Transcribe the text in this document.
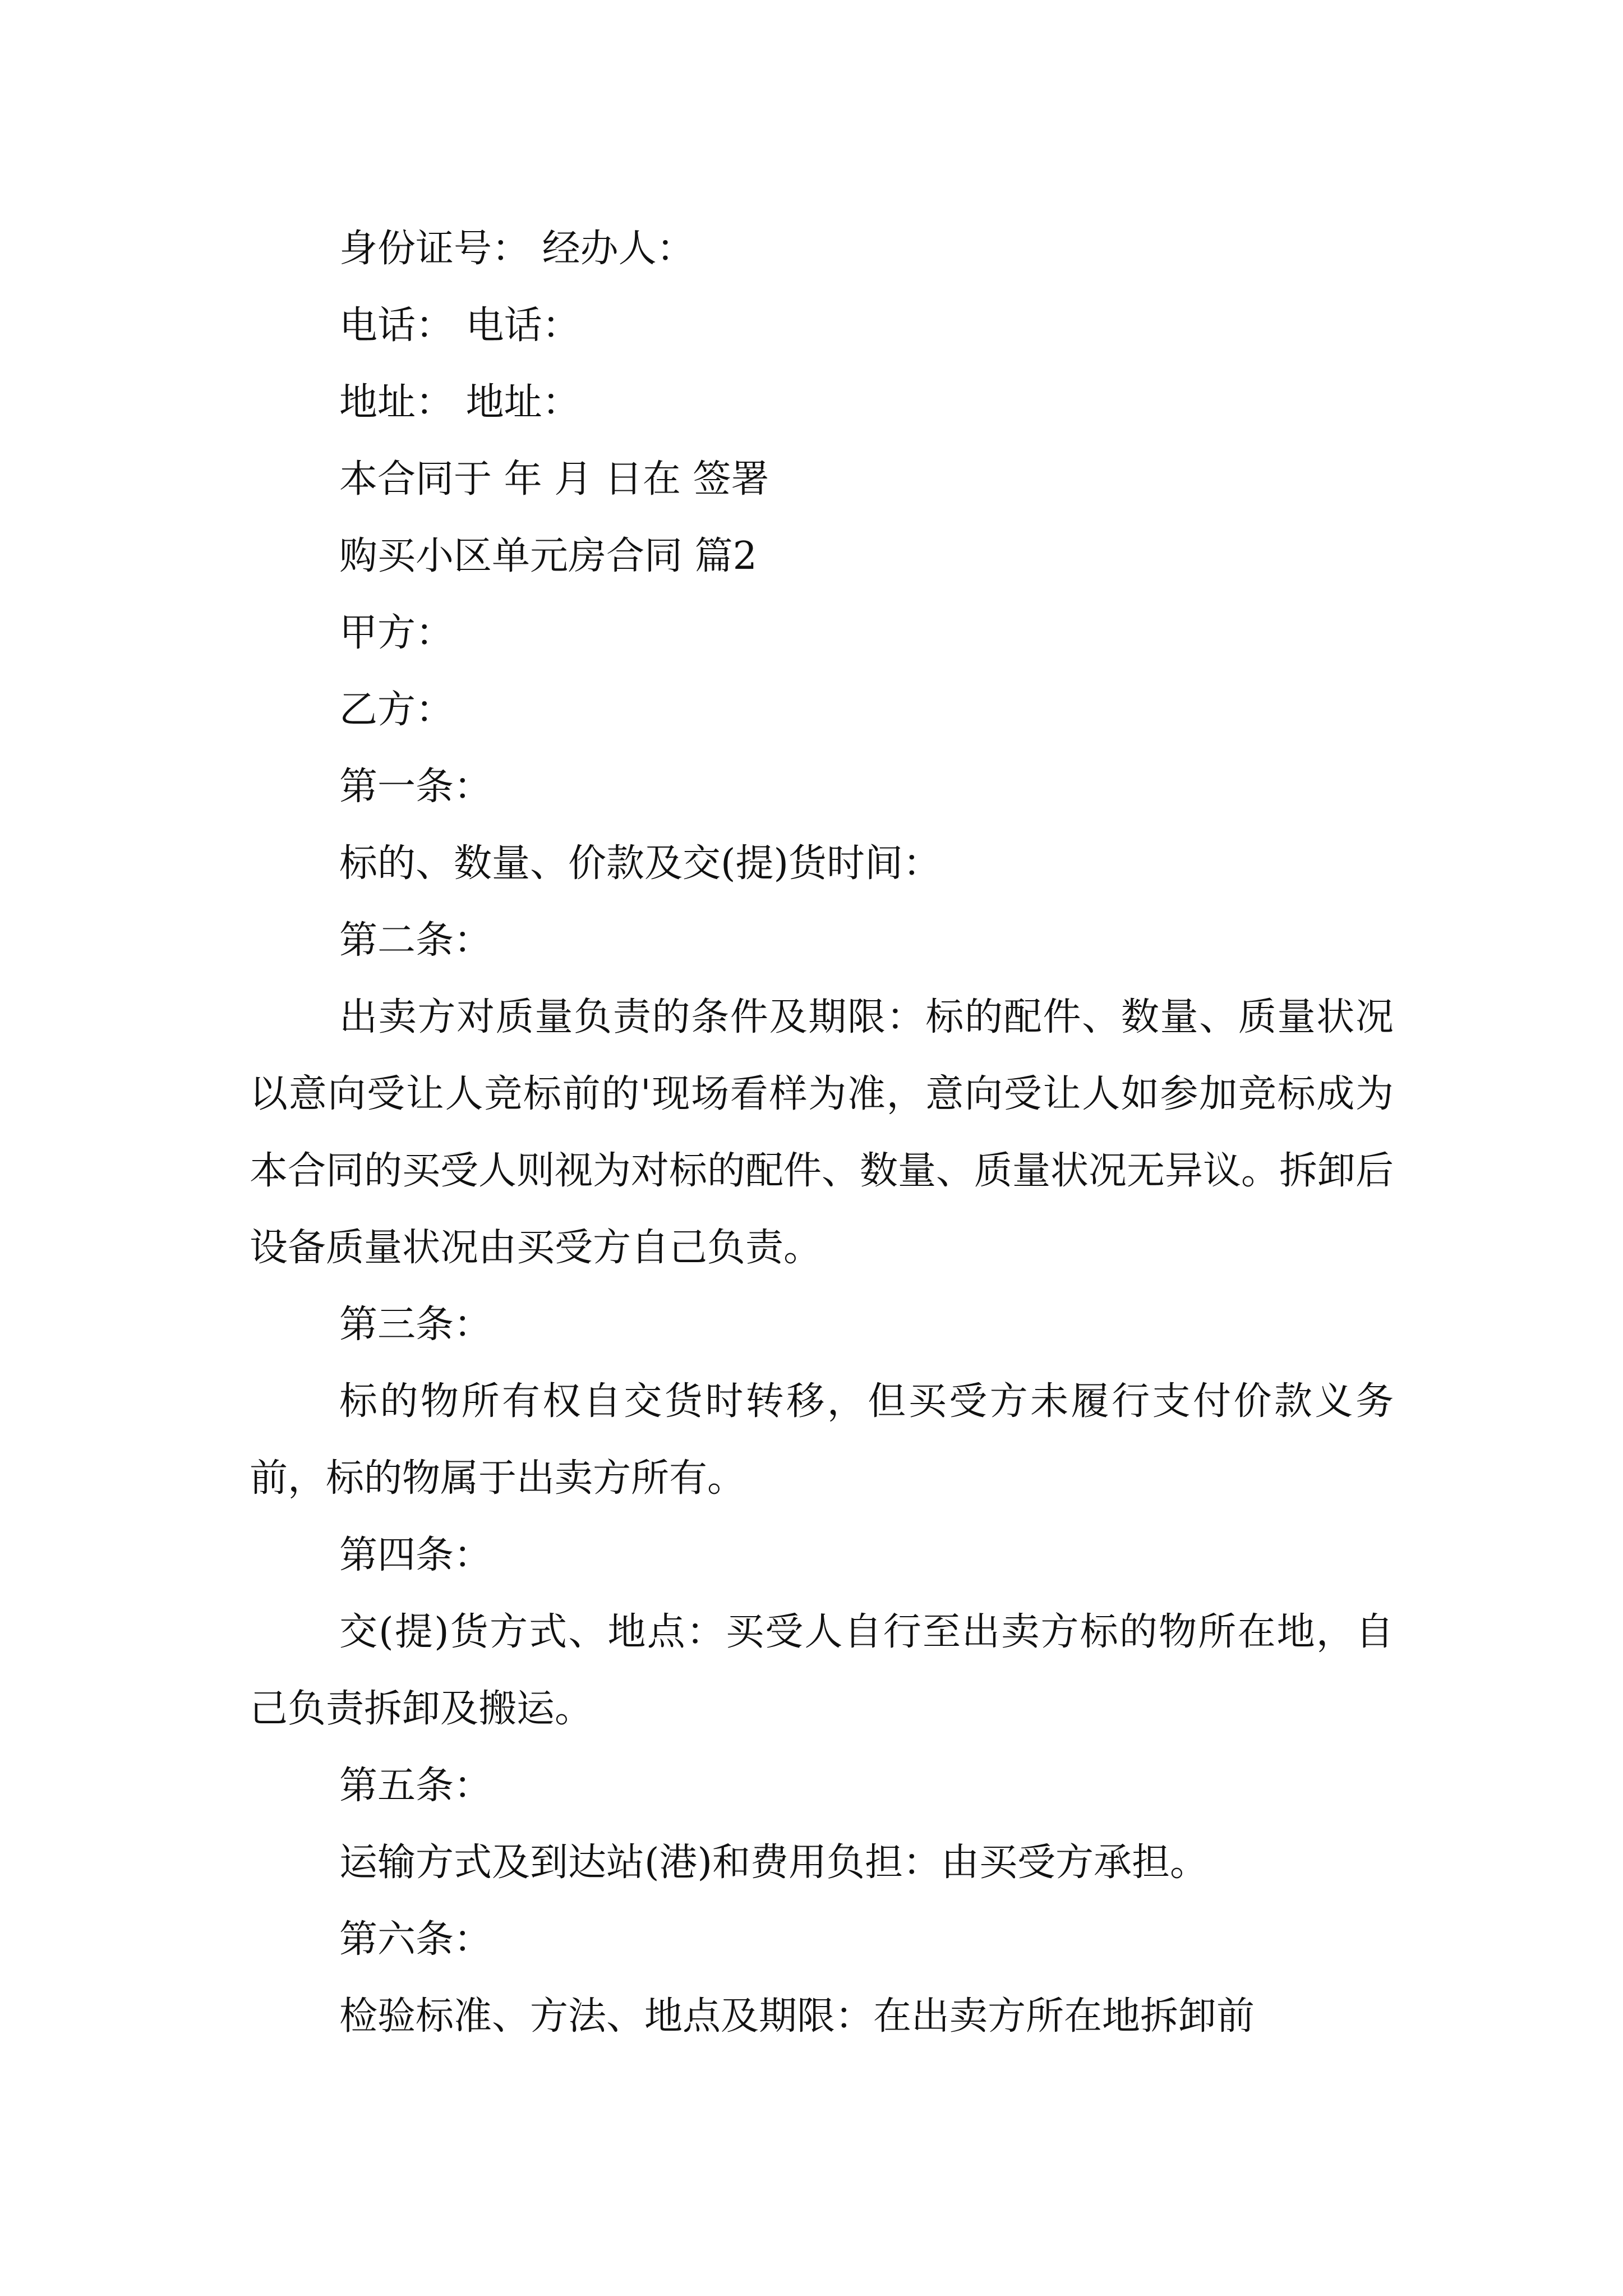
身份证号： 经办人：

电话： 电话：

地址： 地址：

本合同于 年 月 日在 签署

购买小区单元房合同 篇2

甲方：

乙方：

第一条：

标的、数量、价款及交(提)货时间：

第二条：

出卖方对质量负责的条件及期限：标的配件、数量、质量状况以意向受让人竞标前的'现场看样为准，意向受让人如参加竞标成为本合同的买受人则视为对标的配件、数量、质量状况无异议。拆卸后设备质量状况由买受方自己负责。

第三条：

标的物所有权自交货时转移，但买受方未履行支付价款义务前，标的物属于出卖方所有。

第四条：

交(提)货方式、地点：买受人自行至出卖方标的物所在地，自己负责拆卸及搬运。

第五条：

运输方式及到达站(港)和费用负担：由买受方承担。

第六条：

检验标准、方法、地点及期限：在出卖方所在地拆卸前
